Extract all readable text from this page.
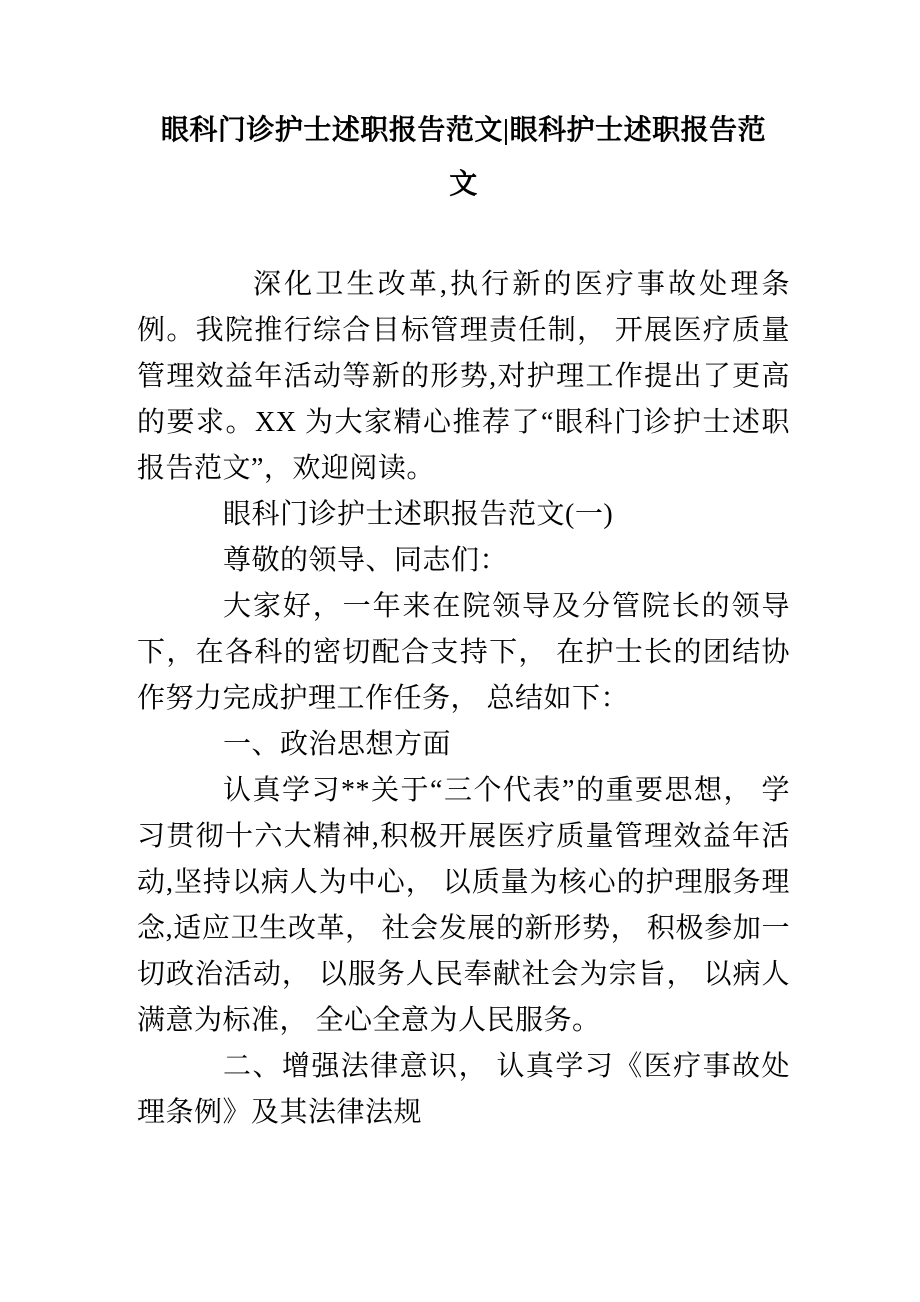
眼科门诊护士述职报告范文|眼科护士述职报告范文

深化卫生改革,执行新的医疗事故处理条例。我院推行综合目标管理责任制， 开展医疗质量管理效益年活动等新的形势,对护理工作提出了更高的要求。XX 为大家精心推荐了“眼科门诊护士述职报告范文”，欢迎阅读。

眼科门诊护士述职报告范文(一)

尊敬的领导、同志们：

大家好，一年来在院领导及分管院长的领导下，在各科的密切配合支持下， 在护士长的团结协作努力完成护理工作任务， 总结如下：

一、政治思想方面

认真学习**关于“三个代表”的重要思想， 学习贯彻十六大精神,积极开展医疗质量管理效益年活动,坚持以病人为中心， 以质量为核心的护理服务理念,适应卫生改革， 社会发展的新形势， 积极参加一切政治活动， 以服务人民奉献社会为宗旨， 以病人满意为标准， 全心全意为人民服务。

二、增强法律意识， 认真学习《医疗事故处理条例》及其法律法规
